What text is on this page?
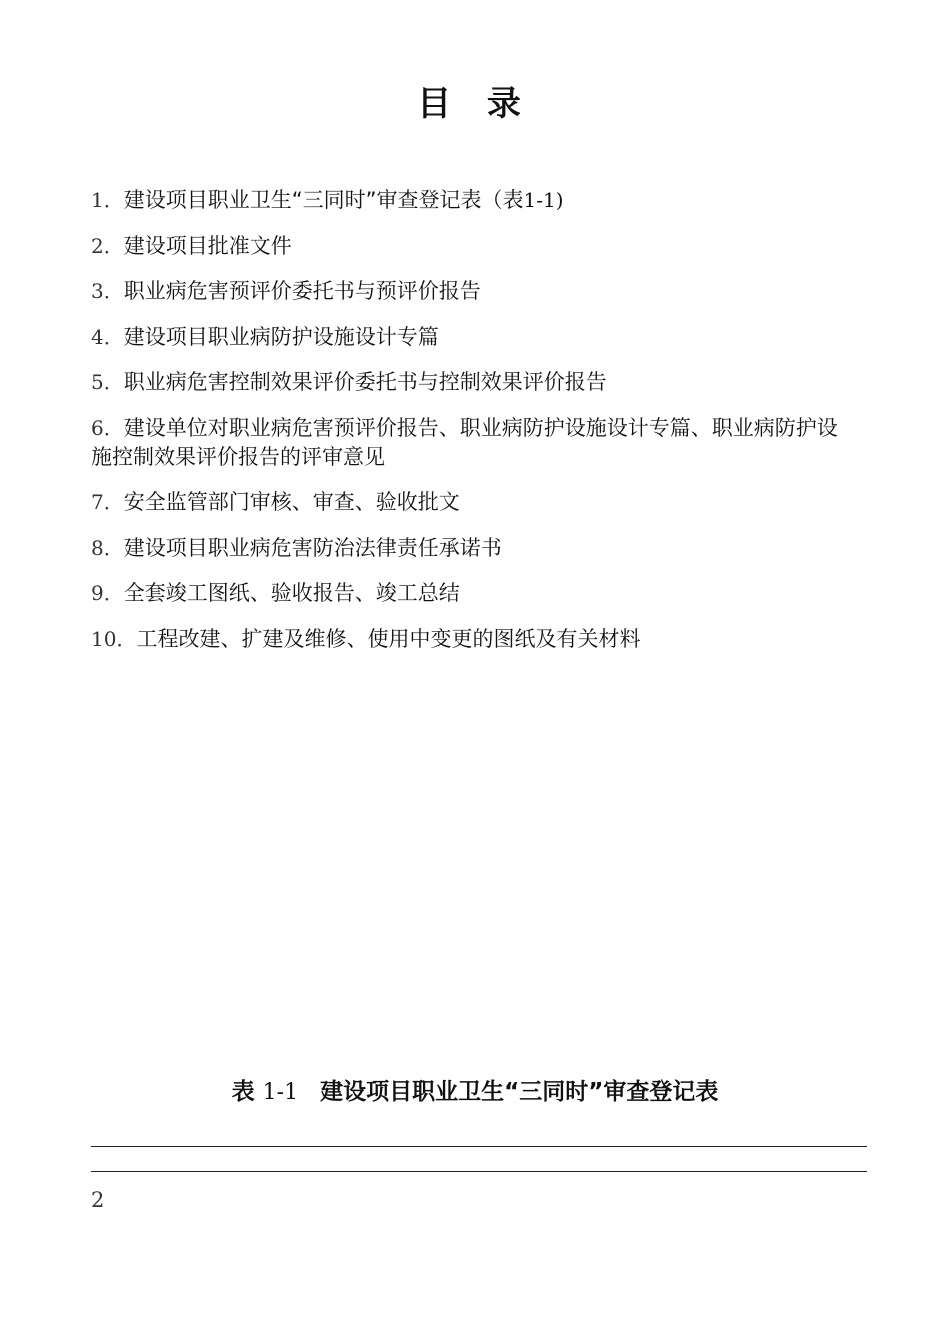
目 录
1．建设项目职业卫生“三同时”审查登记表（表1-1)
2．建设项目批准文件
3．职业病危害预评价委托书与预评价报告
4．建设项目职业病防护设施设计专篇
5．职业病危害控制效果评价委托书与控制效果评价报告
6．建设单位对职业病危害预评价报告、职业病防护设施设计专篇、职业病防护设施控制效果评价报告的评审意见
7．安全监管部门审核、审查、验收批文
8．建设项目职业病危害防治法律责任承诺书
9．全套竣工图纸、验收报告、竣工总结
10．工程改建、扩建及维修、使用中变更的图纸及有关材料
表 1-1 建设项目职业卫生“三同时”审查登记表
2
